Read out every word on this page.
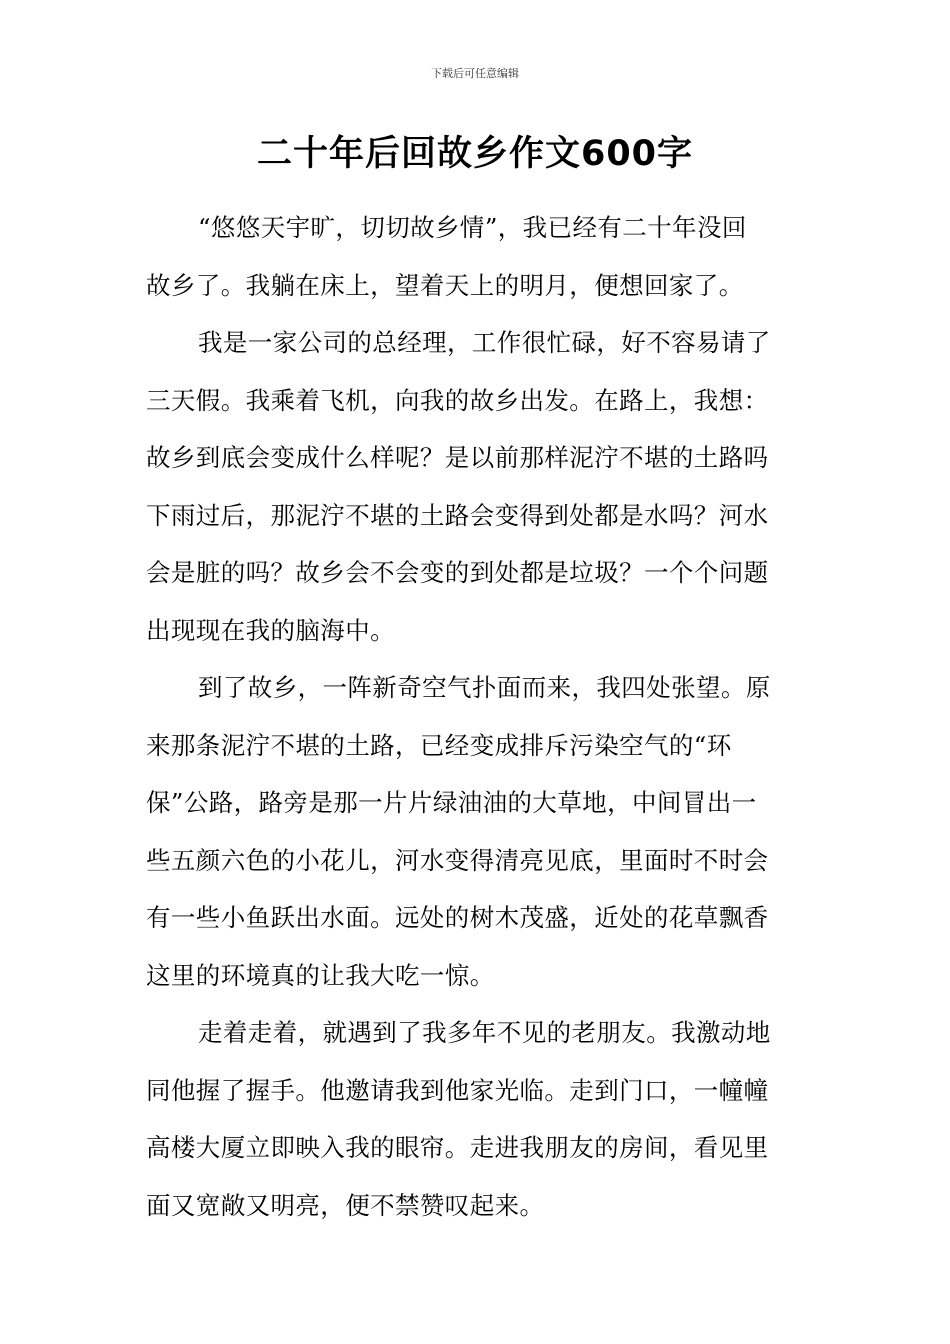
下载后可任意编辑
二十年后回故乡作文600字

“悠悠天宇旷，切切故乡情”，我已经有二十年没回
故乡了。我躺在床上，望着天上的明月，便想回家了。

我是一家公司的总经理，工作很忙碌，好不容易请了
三天假。我乘着飞机，向我的故乡出发。在路上，我想：
故乡到底会变成什么样呢？是以前那样泥泞不堪的土路吗
下雨过后，那泥泞不堪的土路会变得到处都是水吗？河水
会是脏的吗？故乡会不会变的到处都是垃圾？一个个问题
出现现在我的脑海中。

到了故乡，一阵新奇空气扑面而来，我四处张望。原
来那条泥泞不堪的土路，已经变成排斥污染空气的“环
保”公路，路旁是那一片片绿油油的大草地，中间冒出一
些五颜六色的小花儿，河水变得清亮见底，里面时不时会
有一些小鱼跃出水面。远处的树木茂盛，近处的花草飘香
这里的环境真的让我大吃一惊。

走着走着，就遇到了我多年不见的老朋友。我激动地
同他握了握手。他邀请我到他家光临。走到门口，一幢幢
高楼大厦立即映入我的眼帘。走进我朋友的房间，看见里
面又宽敞又明亮，便不禁赞叹起来。
